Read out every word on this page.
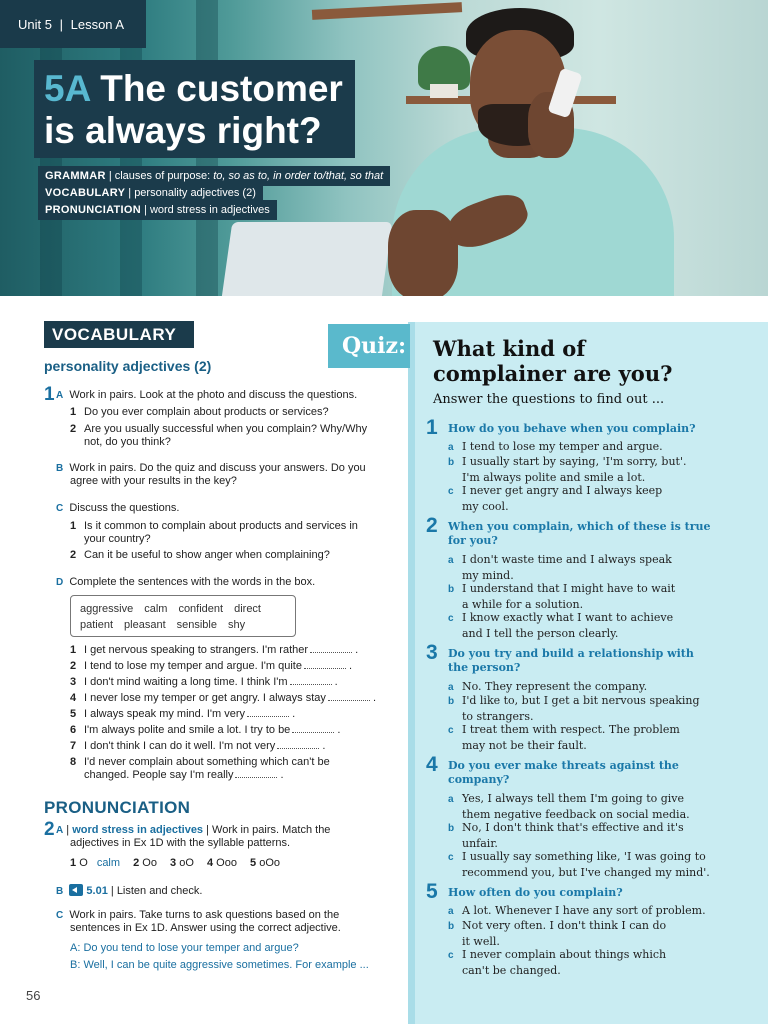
Unit 5 | Lesson A
5A The customer
is always right?
GRAMMAR | clauses of purpose: to, so as to, in order to/that, so that
VOCABULARY | personality adjectives (2)
PRONUNCIATION | word stress in adjectives
VOCABULARY
personality adjectives (2)
1 A Work in pairs. Look at the photo and discuss the questions.
1 Do you ever complain about products or services?
2 Are you usually successful when you complain? Why/Why
not, do you think?
B Work in pairs. Do the quiz and discuss your answers. Do you
agree with your results in the key?
C Discuss the questions.
1 Is it common to complain about products and services in
your country?
2 Can it be useful to show anger when complaining?
D Complete the sentences with the words in the box.
aggressive calm confident direct
patient pleasant sensible shy
1 I get nervous speaking to strangers. I'm rather	.
2 I tend to lose my temper and argue. I'm quite	.
3 I don't mind waiting a long time. I think I'm	.
4 I never lose my temper or get angry. I always stay	.
5 I always speak my mind. I'm very	.
6 I'm always polite and smile a lot. I try to be	.
7 I don't think I can do it well. I'm not very	.
8 I'd never complain about something which can't be
changed. People say I'm really	.
PRONUNCIATION
2 A | word stress in adjectives | Work in pairs. Match the
adjectives in Ex 1D with the syllable patterns.
1 O calm 2 Oo 3 oO 4 Ooo 5 oOo
B 5.01 | Listen and check.
C Work in pairs. Take turns to ask questions based on the
sentences in Ex 1D. Answer using the correct adjective.
A: Do you tend to lose your temper and argue?
B: Well, I can be quite aggressive sometimes. For example ...
56
Quiz: What kind of
complainer are you?
Answer the questions to find out ...
1 How do you behave when you complain?
a I tend to lose my temper and argue.
b I usually start by saying, 'I'm sorry, but'.
I'm always polite and smile a lot.
c I never get angry and I always keep
my cool.
2 When you complain, which of these is true
for you?
a I don't waste time and I always speak
my mind.
b I understand that I might have to wait
a while for a solution.
c I know exactly what I want to achieve
and I tell the person clearly.
3 Do you try and build a relationship with
the person?
a No. They represent the company.
b I'd like to, but I get a bit nervous speaking
to strangers.
c I treat them with respect. The problem
may not be their fault.
4 Do you ever make threats against the
company?
a Yes, I always tell them I'm going to give
them negative feedback on social media.
b No, I don't think that's effective and it's
unfair.
c I usually say something like, 'I was going to
recommend you, but I've changed my mind'.
5 How often do you complain?
a A lot. Whenever I have any sort of problem.
b Not very often. I don't think I can do
it well.
c I never complain about things which
can't be changed.
